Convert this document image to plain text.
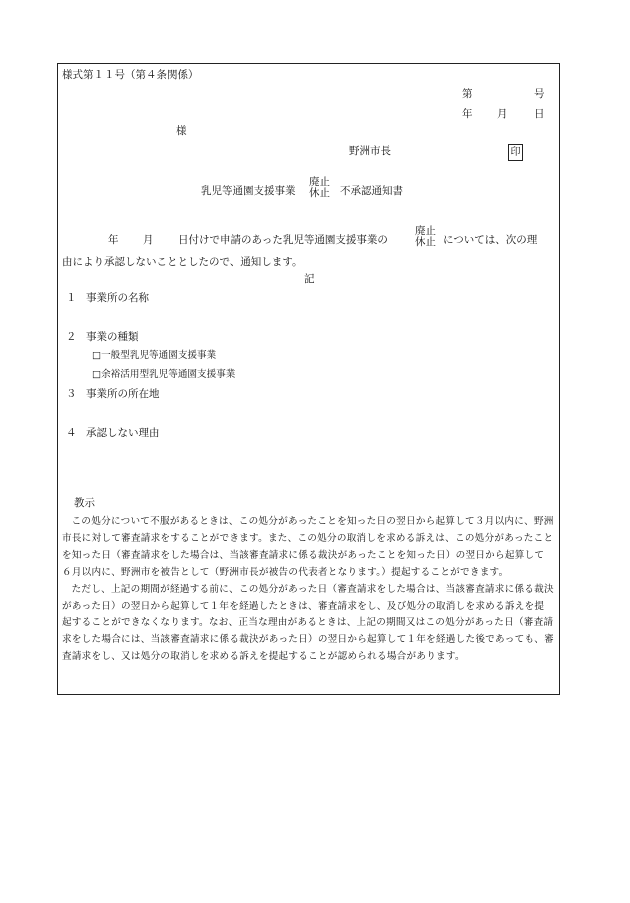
様式第１１号（第４条関係）
第	号
年 月	日
様
野洲市長	印
乳児等通園支援事業
廃止
休止 不承認通知書
年 月 日付けで申請のあった乳児等通園支援事業の
廃止
休止 については、次の理
由により承認しないこととしたので、通知します。
記
１ 事業所の名称
２ 事業の種類
□一般型乳児等通園支援事業
□余裕活用型乳児等通園支援事業
３ 事業所の所在地
４ 承認しない理由
教示

この処分について不服があるときは、この処分があったことを知った日の翌日から起算して３月以内に、野洲市長に対して審査請求をすることができます。また、この処分の取消しを求める訴えは、この処分があったことを知った日（審査請求をした場合は、当該審査請求に係る裁決があったことを知った日）の翌日から起算して６月以内に、野洲市を被告として（野洲市長が被告の代表者となります。）提起することができます。

ただし、上記の期間が経過する前に、この処分があった日（審査請求をした場合は、当該審査請求に係る裁決があった日）の翌日から起算して１年を経過したときは、審査請求をし、及び処分の取消しを求める訴えを提起することができなくなります。なお、正当な理由があるときは、上記の期間又はこの処分があった日（審査請求をした場合には、当該審査請求に係る裁決があった日）の翌日から起算して１年を経過した後であっても、審査請求をし、又は処分の取消しを求める訴えを提起することが認められる場合があります。
